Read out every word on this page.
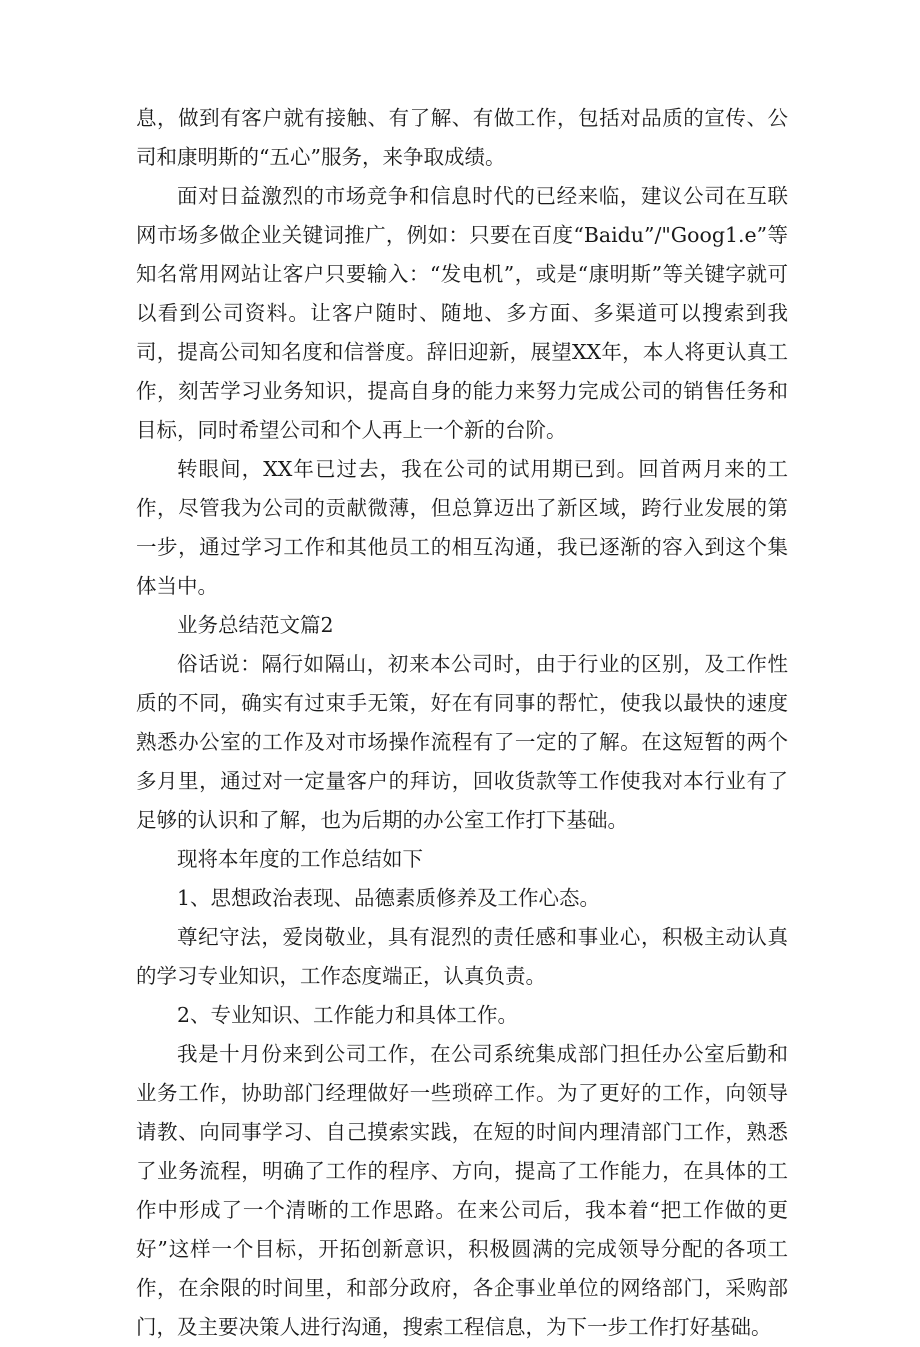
息，做到有客户就有接触、有了解、有做工作，包括对品质的宣传、公司和康明斯的“五心”服务，来争取成绩。

面对日益激烈的市场竞争和信息时代的已经来临，建议公司在互联网市场多做企业关键词推广，例如：只要在百度“Baidu”/"Goog1.e”等知名常用网站让客户只要输入：“发电机”，或是“康明斯”等关键字就可以看到公司资料。让客户随时、随地、多方面、多渠道可以搜索到我司，提高公司知名度和信誉度。辞旧迎新，展望XX年，本人将更认真工作，刻苦学习业务知识，提高自身的能力来努力完成公司的销售任务和目标，同时希望公司和个人再上一个新的台阶。

转眼间，XX年已过去，我在公司的试用期已到。回首两月来的工作，尽管我为公司的贡献微薄，但总算迈出了新区域，跨行业发展的第一步，通过学习工作和其他员工的相互沟通，我已逐渐的容入到这个集体当中。

业务总结范文篇2

俗话说：隔行如隔山，初来本公司时，由于行业的区别，及工作性质的不同，确实有过束手无策，好在有同事的帮忙，使我以最快的速度熟悉办公室的工作及对市场操作流程有了一定的了解。在这短暂的两个多月里，通过对一定量客户的拜访，回收货款等工作使我对本行业有了足够的认识和了解，也为后期的办公室工作打下基础。

现将本年度的工作总结如下

1、思想政治表现、品德素质修养及工作心态。

尊纪守法，爱岗敬业，具有混烈的责任感和事业心，积极主动认真的学习专业知识，工作态度端正，认真负责。

2、专业知识、工作能力和具体工作。

我是十月份来到公司工作，在公司系统集成部门担任办公室后勤和业务工作，协助部门经理做好一些琐碎工作。为了更好的工作，向领导请教、向同事学习、自己摸索实践，在短的时间内理清部门工作，熟悉了业务流程，明确了工作的程序、方向，提高了工作能力，在具体的工作中形成了一个清晰的工作思路。在来公司后，我本着“把工作做的更好”这样一个目标，开拓创新意识，积极圆满的完成领导分配的各项工作，在余限的时间里，和部分政府，各企事业单位的网络部门，采购部门，及主要决策人进行沟通，搜索工程信息，为下一步工作打好基础。
